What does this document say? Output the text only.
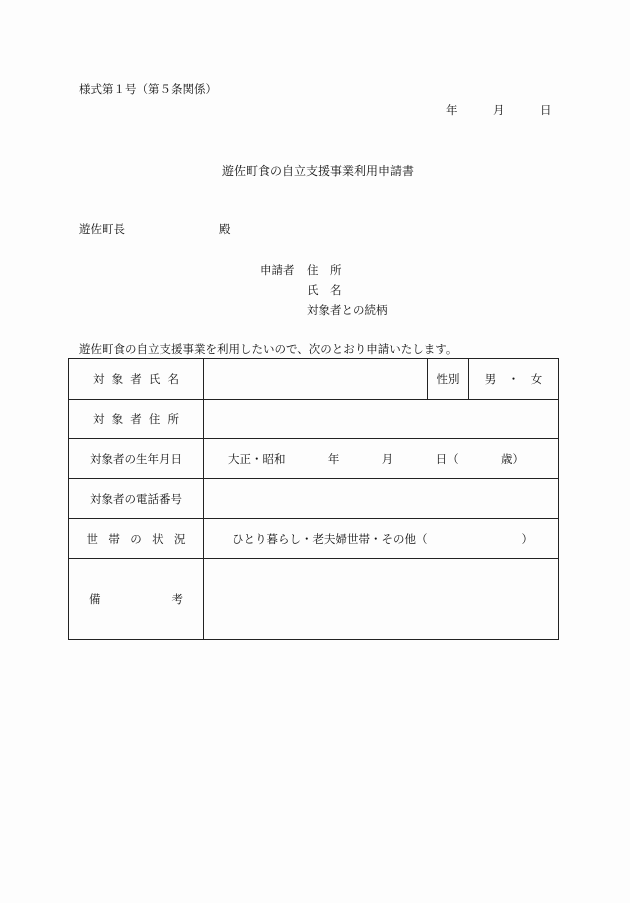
様式第１号（第５条関係）
年	月	日
遊佐町食の自立支援事業利用申請書
遊佐町長	殿
申請者 住　所
氏　名
対象者との続柄
遊佐町食の自立支援事業を利用したいので、次のとおり申請いたします。
対象者氏名		性別	男　・　女
対象者住所			
対象者の生年月日	大正・昭和 年 月 日（ 歳）		

対象者の電話番号			
世帯の状況	ひとり暮らし・老夫婦世帯・その他（ ）		

備 考			
